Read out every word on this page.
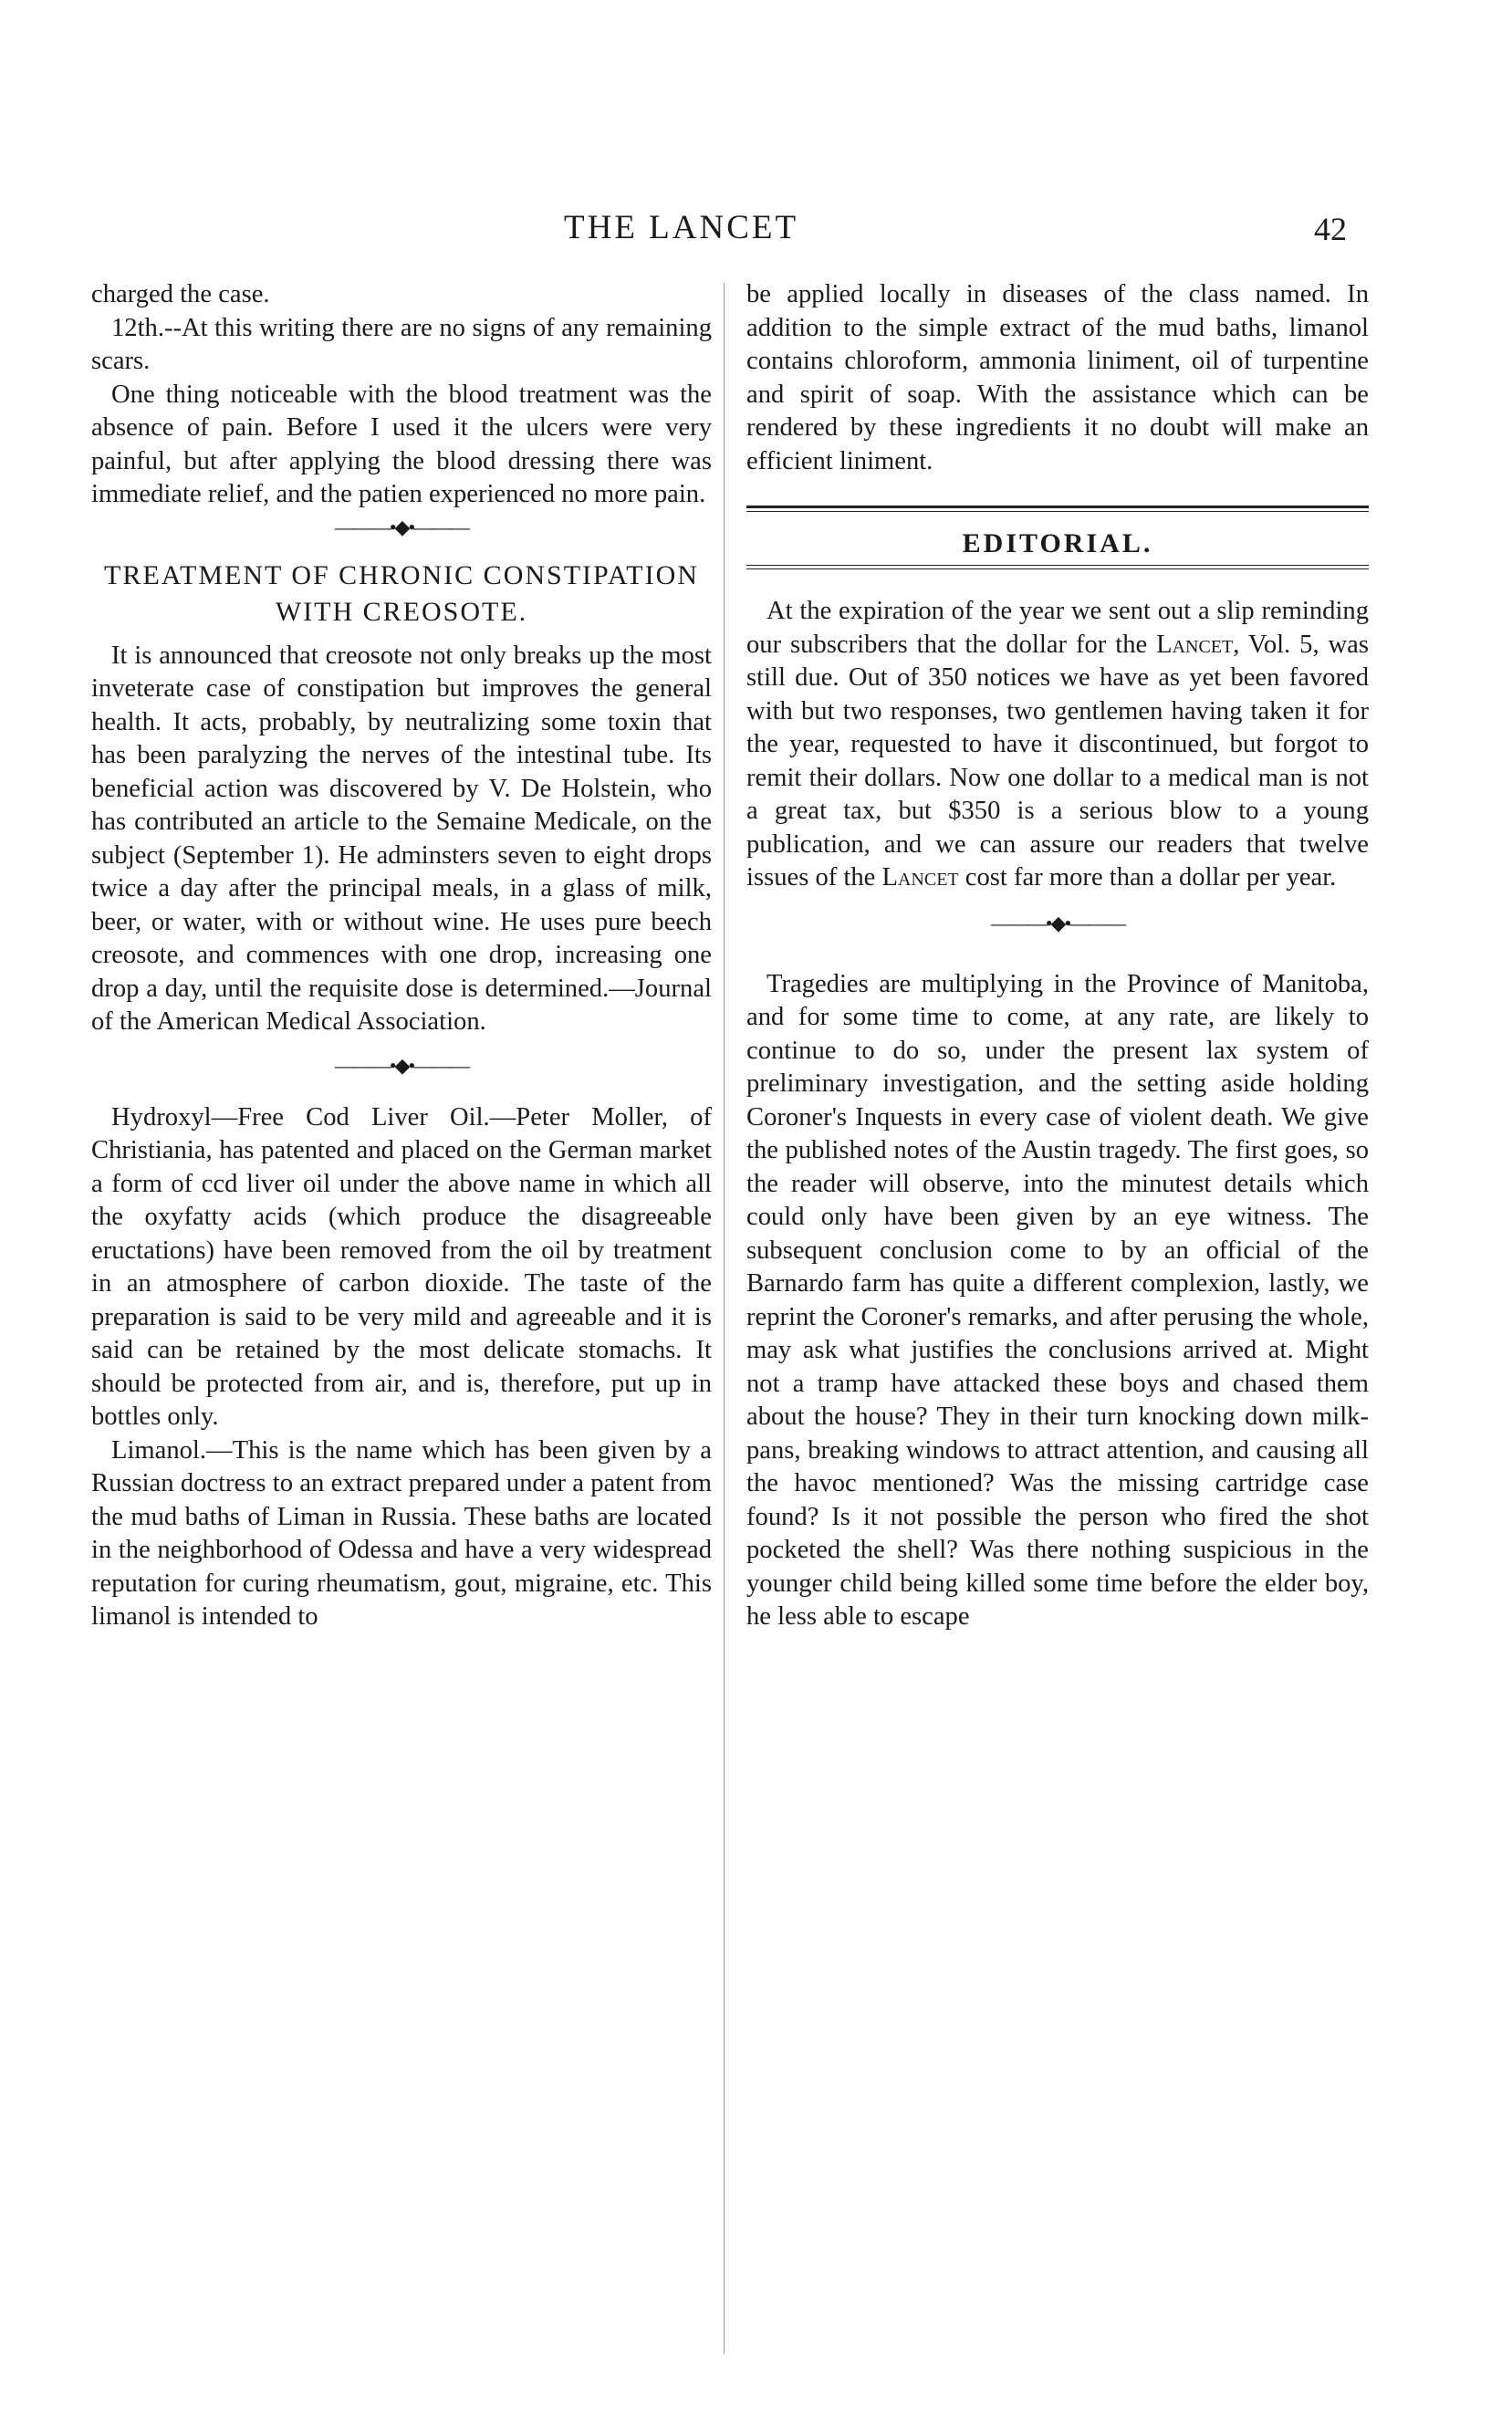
THE LANCET	42

charged the case.

12th.--At this writing there are no signs of any remaining scars.

One thing noticeable with the blood treatment was the absence of pain. Before I used it the ulcers were very painful, but after applying the blood dressing there was immediate relief, and the patien experienced no more pain.

———•◆•———
TREATMENT OF CHRONIC CONSTIPATION WITH CREOSOTE.

It is announced that creosote not only breaks up the most inveterate case of constipation but improves the general health. It acts, probably, by neutralizing some toxin that has been paralyzing the nerves of the intestinal tube. Its beneficial action was discovered by V. De Holstein, who has contributed an article to the Semaine Medicale, on the subject (September 1). He adminsters seven to eight drops twice a day after the principal meals, in a glass of milk, beer, or water, with or without wine. He uses pure beech creosote, and commences with one drop, increasing one drop a day, until the requisite dose is determined.—Journal of the American Medical Association.

———•◆•———

Hydroxyl—Free Cod Liver Oil.—Peter Moller, of Christiania, has patented and placed on the German market a form of ccd liver oil under the above name in which all the oxyfatty acids (which produce the disagreeable eructations) have been removed from the oil by treatment in an atmosphere of carbon dioxide. The taste of the preparation is said to be very mild and agreeable and it is said can be retained by the most delicate stomachs. It should be protected from air, and is, therefore, put up in bottles only.

Limanol.—This is the name which has been given by a Russian doctress to an extract prepared under a patent from the mud baths of Liman in Russia. These baths are located in the neighborhood of Odessa and have a very widespread reputation for curing rheumatism, gout, migraine, etc. This limanol is intended to

be applied locally in diseases of the class named. In addition to the simple extract of the mud baths, limanol contains chloroform, ammonia liniment, oil of turpentine and spirit of soap. With the assistance which can be rendered by these ingredients it no doubt will make an efficient liniment.

EDITORIAL.

At the expiration of the year we sent out a slip reminding our subscribers that the dollar for the Lancet, Vol. 5, was still due. Out of 350 notices we have as yet been favored with but two responses, two gentlemen having taken it for the year, requested to have it discontinued, but forgot to remit their dollars. Now one dollar to a medical man is not a great tax, but $350 is a serious blow to a young publication, and we can assure our readers that twelve issues of the Lancet cost far more than a dollar per year.

———•◆•———

Tragedies are multiplying in the Province of Manitoba, and for some time to come, at any rate, are likely to continue to do so, under the present lax system of preliminary investigation, and the setting aside holding Coroner's Inquests in every case of violent death. We give the published notes of the Austin tragedy. The first goes, so the reader will observe, into the minutest details which could only have been given by an eye witness. The subsequent conclusion come to by an official of the Barnardo farm has quite a different complexion, lastly, we reprint the Coroner's remarks, and after perusing the whole, may ask what justifies the conclusions arrived at. Might not a tramp have attacked these boys and chased them about the house? They in their turn knocking down milk-pans, breaking windows to attract attention, and causing all the havoc mentioned? Was the missing cartridge case found? Is it not possible the person who fired the shot pocketed the shell? Was there nothing suspicious in the younger child being killed some time before the elder boy, he less able to escape
